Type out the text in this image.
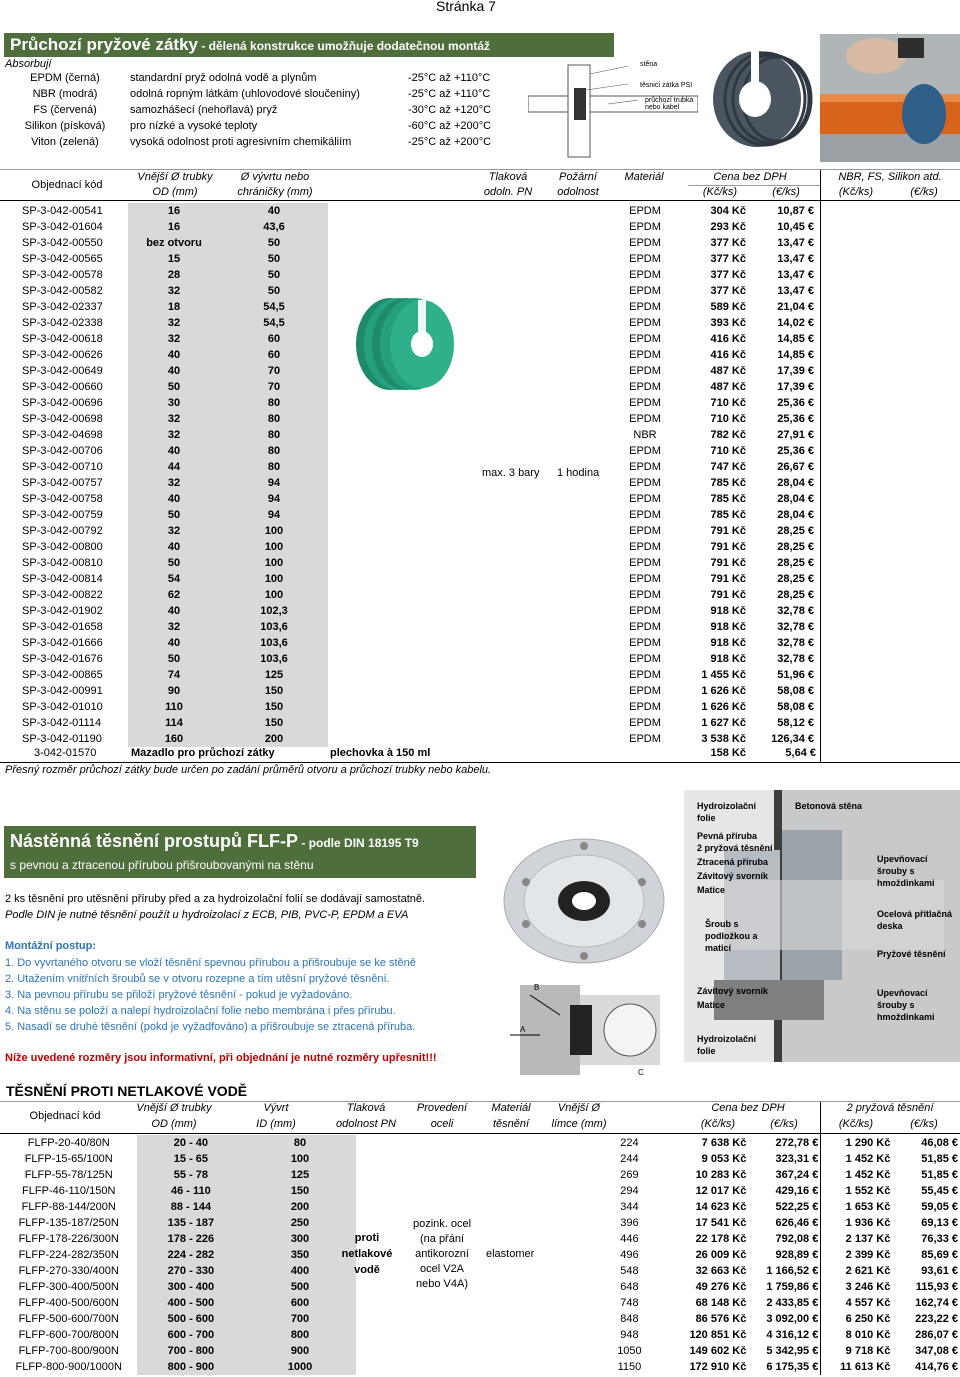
Stránka 7
Průchozí pryžové zátky - dělená konstrukce umožňuje dodatečnou montáž
Absorbují
EPDM (černá)	standardní pryž odolná vodě a plynům	-25°C až +110°C
NBR (modrá)	odolná ropným látkám (uhlovodové sloučeniny)	-25°C až +110°C
FS (červená)	samozhášecí (nehořlavá) pryž	-30°C až +120°C
Silikon (písková)	pro nízké a vysoké teploty	-60°C až +200°C
Viton (zelená)	vysoká odolnost proti agresivním chemikáliím	-25°C až +200°C
stěna
těsnicí zátka PSI
průchozí trubka nebo kabel
Objednací kód
Vnější Ø trubky
OD (mm)
Ø vývrtu nebo
chráničky (mm)
Tlaková
odoln. PN
Požární
odolnost
Materiál	Cena bez DPH
(Kč/ks)	(€/ks)
NBR, FS, Silikon atd.
(Kč/ks)	(€/ks)
SP-3-042-00541	16	40				EPDM	304 Kč	10,87 €		
SP-3-042-01604	16	43,6				EPDM	293 Kč	10,45 €		
SP-3-042-00550	bez otvoru	50				EPDM	377 Kč	13,47 €		
SP-3-042-00565	15	50				EPDM	377 Kč	13,47 €		
SP-3-042-00578	28	50				EPDM	377 Kč	13,47 €		
SP-3-042-00582	32	50				EPDM	377 Kč	13,47 €		
SP-3-042-02337	18	54,5				EPDM	589 Kč	21,04 €		
SP-3-042-02338	32	54,5				EPDM	393 Kč	14,02 €		
SP-3-042-00618	32	60				EPDM	416 Kč	14,85 €		
SP-3-042-00626	40	60				EPDM	416 Kč	14,85 €		
SP-3-042-00649	40	70				EPDM	487 Kč	17,39 €		
SP-3-042-00660	50	70				EPDM	487 Kč	17,39 €		
SP-3-042-00696	30	80				EPDM	710 Kč	25,36 €		
SP-3-042-00698	32	80				EPDM	710 Kč	25,36 €		
SP-3-042-04698	32	80				NBR	782 Kč	27,91 €		
SP-3-042-00706	40	80				EPDM	710 Kč	25,36 €		
SP-3-042-00710	44	80				EPDM	747 Kč	26,67 €		
SP-3-042-00757	32	94				EPDM	785 Kč	28,04 €		
SP-3-042-00758	40	94				EPDM	785 Kč	28,04 €		
SP-3-042-00759	50	94				EPDM	785 Kč	28,04 €		
SP-3-042-00792	32	100				EPDM	791 Kč	28,25 €		
SP-3-042-00800	40	100				EPDM	791 Kč	28,25 €		
SP-3-042-00810	50	100				EPDM	791 Kč	28,25 €		
SP-3-042-00814	54	100				EPDM	791 Kč	28,25 €		
SP-3-042-00822	62	100				EPDM	791 Kč	28,25 €		
SP-3-042-01902	40	102,3				EPDM	918 Kč	32,78 €		
SP-3-042-01658	32	103,6				EPDM	918 Kč	32,78 €		
SP-3-042-01666	40	103,6				EPDM	918 Kč	32,78 €		
SP-3-042-01676	50	103,6				EPDM	918 Kč	32,78 €		
SP-3-042-00865	74	125				EPDM	1 455 Kč	51,96 €		
SP-3-042-00991	90	150				EPDM	1 626 Kč	58,08 €		
SP-3-042-01010	110	150				EPDM	1 626 Kč	58,08 €		
SP-3-042-01114	114	150				EPDM	1 627 Kč	58,12 €		
SP-3-042-01190	160	200				EPDM	3 538 Kč	126,34 €		
max. 3 bary 1 hodina
3-042-01570	Mazadlo pro průchozí zátky	plechovka à 150 ml	158 Kč	5,64 €
Přesný rozměr průchozí zátky bude určen po zadání průměrů otvoru a průchozí trubky nebo kabelu.
Nástěnná těsnění prostupů FLF-P - podle DIN 18195 T9
s pevnou a ztracenou přírubou přišroubovanými na stěnu
2 ks těsnění pro utěsnění příruby před a za hydroizolační folií se dodávají samostatně.
Podle DIN je nutné těsnění použít u hydroizolací z ECB, PIB, PVC-P, EPDM a EVA
Montážní postup:
1. Do vyvrtaného otvoru se vloží těsnění spevnou přírubou a přišroubuje se ke stěně
2. Utažením vnitřních šroubů se v otvoru rozepne a tím utěsní pryžové těsnění.
3. Na pevnou přírubu se přiloží pryžové těsnění - pokud je vyžadováno.
4. Na stěnu se položí a nalepí hydroizolační folie nebo membrána i přes přírubu.
5. Nasadí se druhé těsnění (pokd je vyžadfováno) a přišroubuje se ztracená příruba.
Níže uvedené rozměry jsou informativní, při objednání je nutné rozměry upřesnit!!!
B
A
C
Hydroizolační folie
Betonová stěna
Pevná příruba
2 pryžová těsnění
Ztracená příruba
Závitový svorník
Matice
Upevňovací šrouby s hmoždinkami
Ocelová přítlačná deska
Šroub s podložkou a maticí
Pryžové těsnění
Závitový svorník
Matice
Upevňovací šrouby s hmoždinkami
Hydroizolační folie
TĚSNĚNÍ PROTI NETLAKOVÉ VODĚ
Objednací kód
Vnější Ø trubky
OD (mm)
Vývrt
ID (mm)
Tlaková
odolnost PN
Provedení
oceli
Materiál
těsnění
Vnější Ø
límce (mm)
Cena bez DPH
(Kč/ks)	(€/ks)
2 pryžová těsnění
(Kč/ks)	(€/ks)
FLFP-20-40/80N	20 - 40	80				224	7 638 Kč	272,78 €	1 290 Kč	46,08 €
FLFP-15-65/100N	15 - 65	100				244	9 053 Kč	323,31 €	1 452 Kč	51,85 €
FLFP-55-78/125N	55 - 78	125				269	10 283 Kč	367,24 €	1 452 Kč	51,85 €
FLFP-46-110/150N	46 - 110	150				294	12 017 Kč	429,16 €	1 552 Kč	55,45 €
FLFP-88-144/200N	88 - 144	200				344	14 623 Kč	522,25 €	1 653 Kč	59,05 €
FLFP-135-187/250N	135 - 187	250				396	17 541 Kč	626,46 €	1 936 Kč	69,13 €
FLFP-178-226/300N	178 - 226	300				446	22 178 Kč	792,08 €	2 137 Kč	76,33 €
FLFP-224-282/350N	224 - 282	350				496	26 009 Kč	928,89 €	2 399 Kč	85,69 €
FLFP-270-330/400N	270 - 330	400				548	32 663 Kč	1 166,52 €	2 621 Kč	93,61 €
FLFP-300-400/500N	300 - 400	500				648	49 276 Kč	1 759,86 €	3 246 Kč	115,93 €
FLFP-400-500/600N	400 - 500	600				748	68 148 Kč	2 433,85 €	4 557 Kč	162,74 €
FLFP-500-600/700N	500 - 600	700				848	86 576 Kč	3 092,00 €	6 250 Kč	223,22 €
FLFP-600-700/800N	600 - 700	800				948	120 851 Kč	4 316,12 €	8 010 Kč	286,07 €
FLFP-700-800/900N	700 - 800	900				1050	149 602 Kč	5 342,95 €	9 718 Kč	347,08 €
FLFP-800-900/1000N	800 - 900	1000				1150	172 910 Kč	6 175,35 €	11 613 Kč	414,76 €
proti
netlakové
vodě
pozink. ocel
(na přání
antikorozní
ocel V2A
nebo V4A)
elastomer
